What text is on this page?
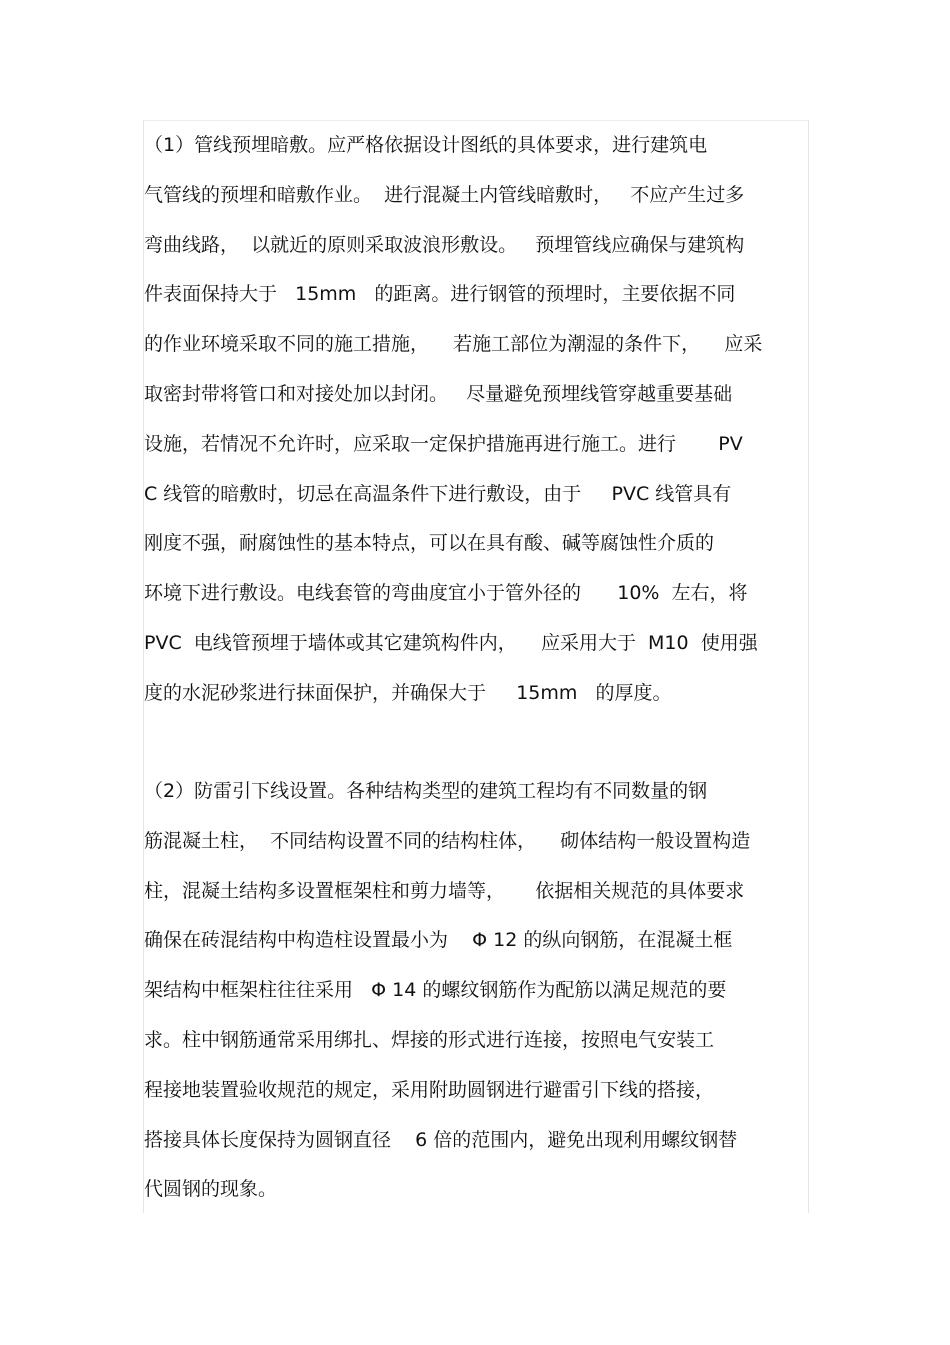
（1）管线预埋暗敷。应严格依据设计图纸的具体要求，进行建筑电
气管线的预埋和暗敷作业。  进行混凝土内管线暗敷时，   不应产生过多
弯曲线路，  以就近的原则采取波浪形敷设。   预埋管线应确保与建筑构
件表面保持大于   15mm   的距离。进行钢管的预埋时，主要依据不同
的作业环境采取不同的施工措施，    若施工部位为潮湿的条件下，    应采
取密封带将管口和对接处加以封闭。   尽量避免预埋线管穿越重要基础
设施，若情况不允许时，应采取一定保护措施再进行施工。进行       PV
C 线管的暗敷时，切忌在高温条件下进行敷设，由于     PVC 线管具有
刚度不强，耐腐蚀性的基本特点，可以在具有酸、碱等腐蚀性介质的
环境下进行敷设。电线套管的弯曲度宜小于管外径的      10%  左右，将
PVC  电线管预埋于墙体或其它建筑构件内，    应采用大于  M10  使用强
度的水泥砂浆进行抹面保护，并确保大于     15mm   的厚度。
（2）防雷引下线设置。各种结构类型的建筑工程均有不同数量的钢
筋混凝土柱，  不同结构设置不同的结构柱体，    砌体结构一般设置构造
柱，混凝土结构多设置框架柱和剪力墙等，     依据相关规范的具体要求
确保在砖混结构中构造柱设置最小为    Φ 12 的纵向钢筋，在混凝土框
架结构中框架柱往往采用   Φ 14 的螺纹钢筋作为配筋以满足规范的要
求。柱中钢筋通常采用绑扎、焊接的形式进行连接，按照电气安装工
程接地装置验收规范的规定，采用附助圆钢进行避雷引下线的搭接，
搭接具体长度保持为圆钢直径    6 倍的范围内，避免出现利用螺纹钢替
代圆钢的现象。
